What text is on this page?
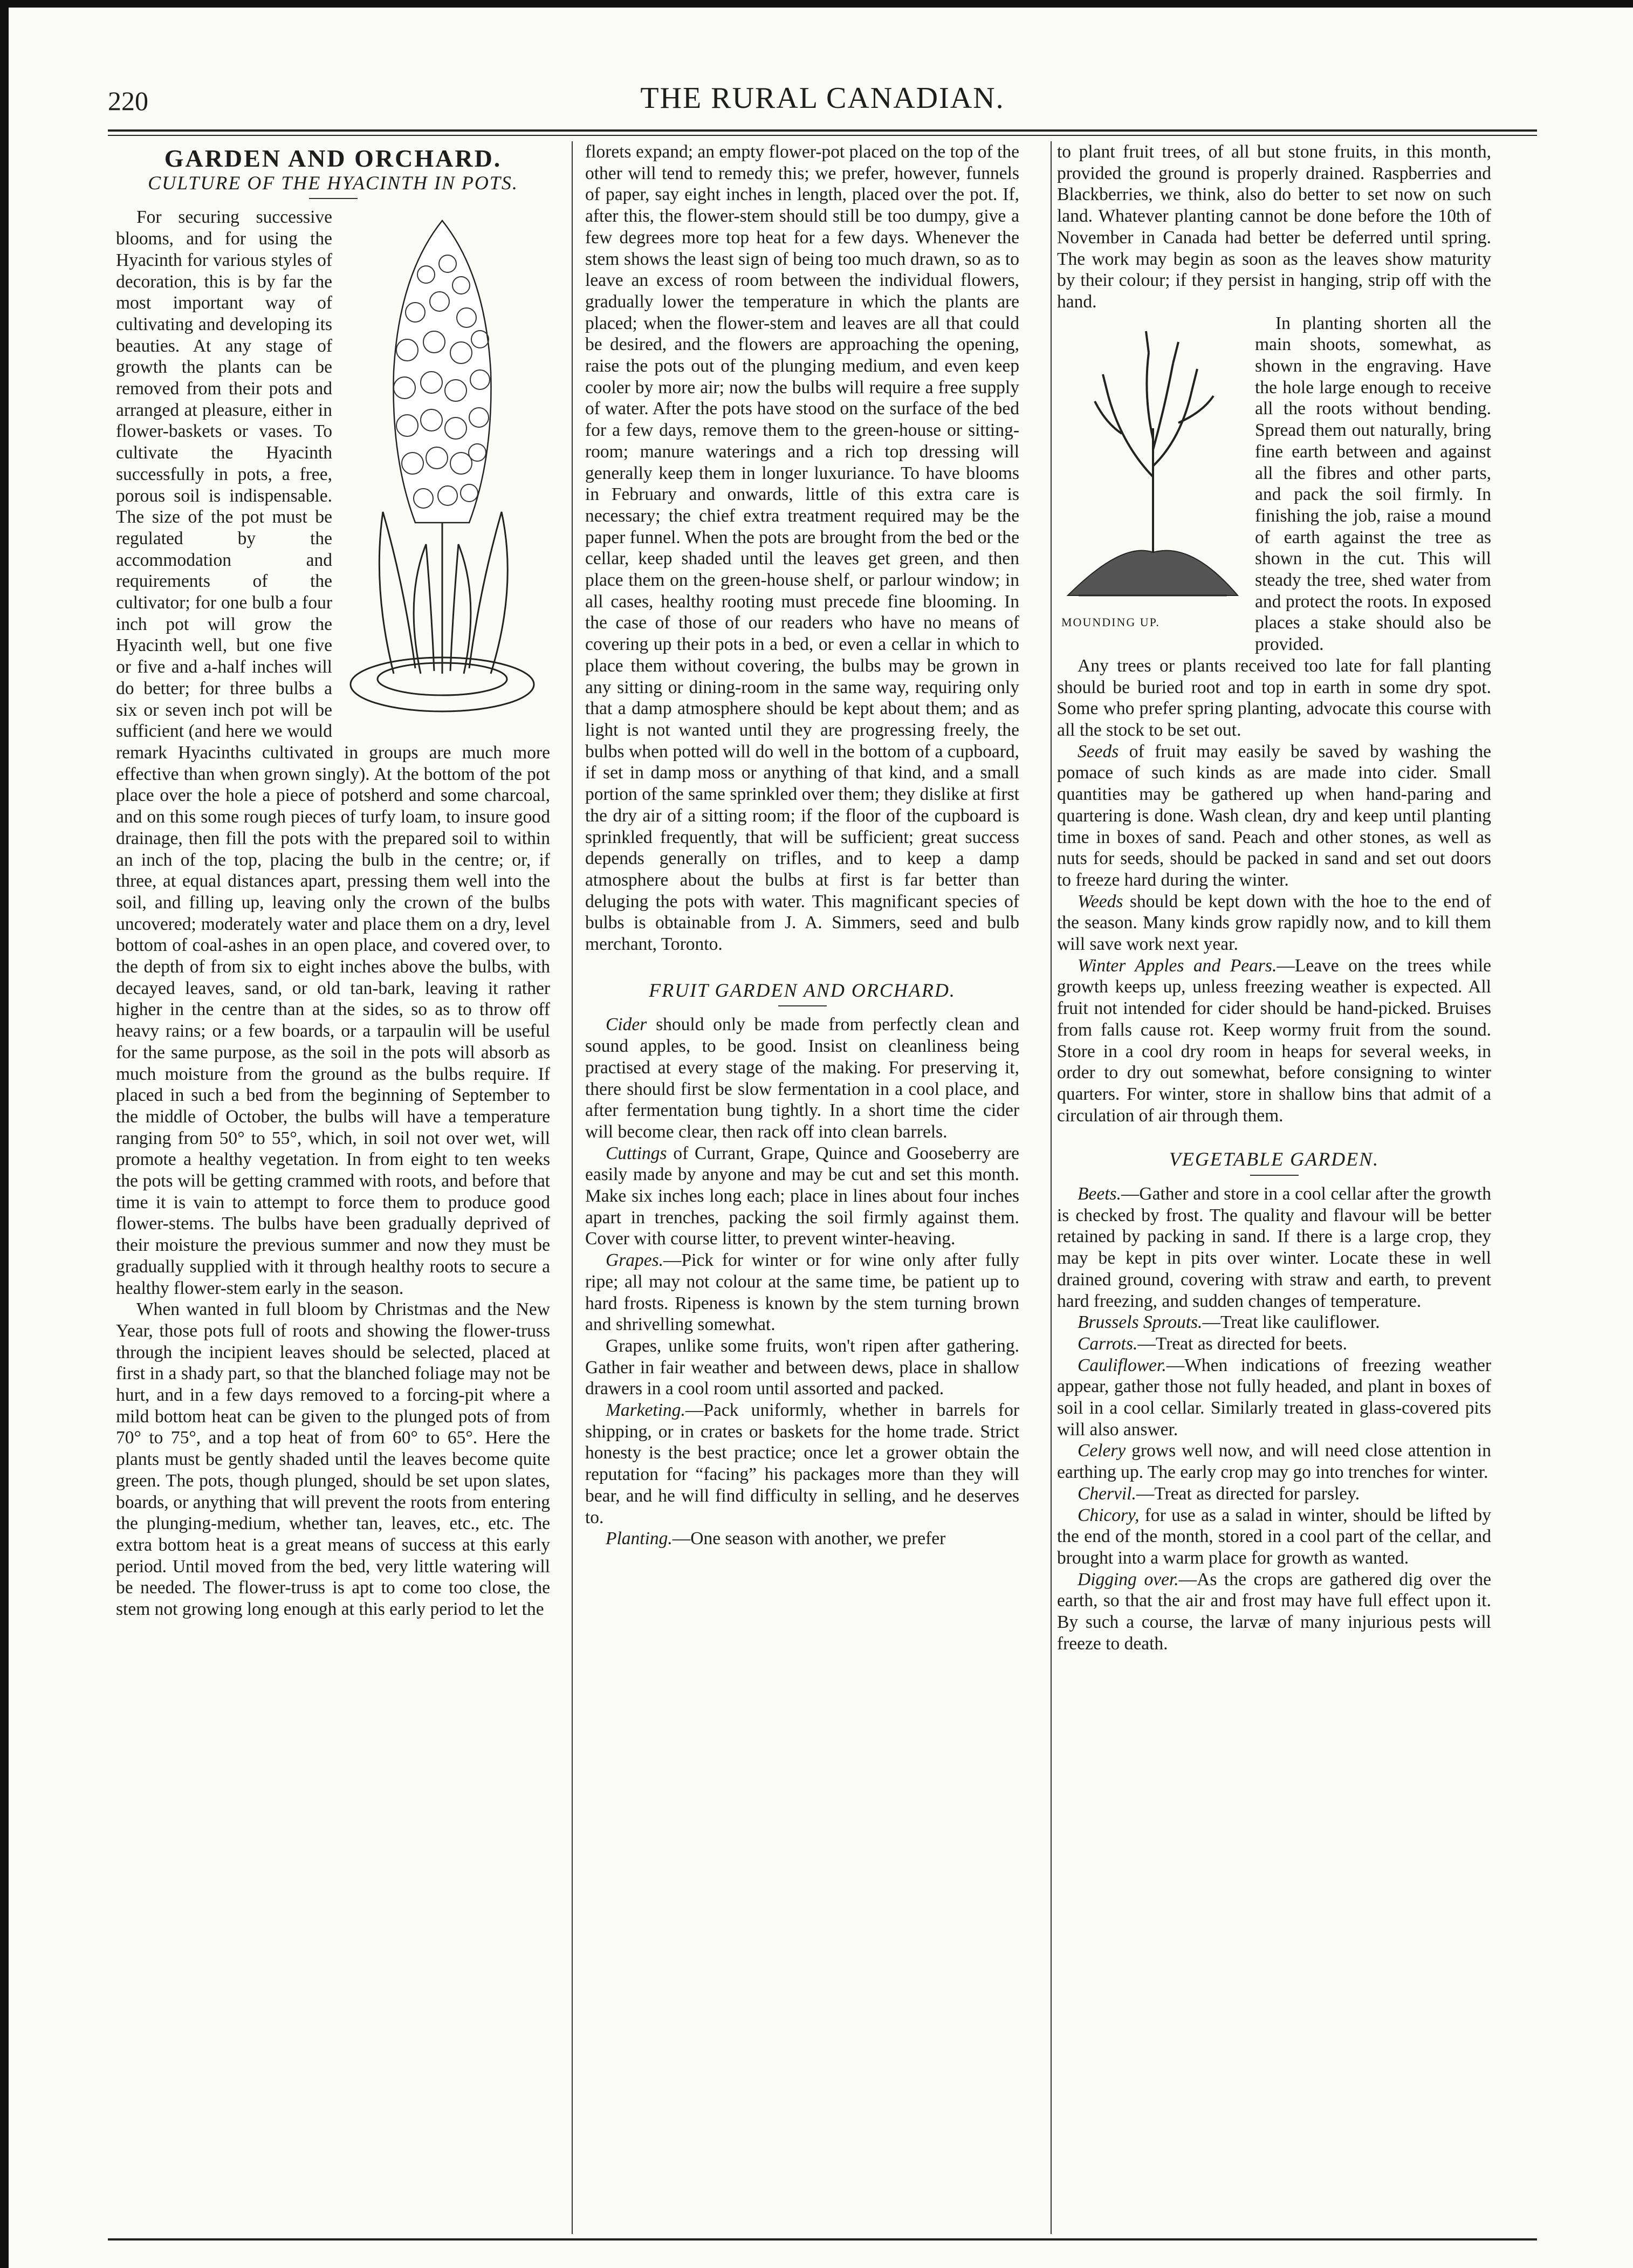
220	THE RURAL CANADIAN.
GARDEN AND ORCHARD.
CULTURE OF THE HYACINTH IN POTS.

For securing successive blooms, and for using the Hyacinth for various styles of decoration, this is by far the most important way of cultivating and developing its beauties. At any stage of growth the plants can be removed from their pots and arranged at pleasure, either in flower-baskets or vases. To cultivate the Hyacinth successfully in pots, a free, porous soil is indispensable. The size of the pot must be regulated by the accommodation and requirements of the cultivator; for one bulb a four inch pot will grow the Hyacinth well, but one five or five and a-half inches will do better; for three bulbs a six or seven inch pot will be sufficient (and here we would remark Hyacinths cultivated in groups are much more effective than when grown singly). At the bottom of the pot place over the hole a piece of potsherd and some charcoal, and on this some rough pieces of turfy loam, to insure good drainage, then fill the pots with the prepared soil to within an inch of the top, placing the bulb in the centre; or, if three, at equal distances apart, pressing them well into the soil, and filling up, leaving only the crown of the bulbs uncovered; moderately water and place them on a dry, level bottom of coal-ashes in an open place, and covered over, to the depth of from six to eight inches above the bulbs, with decayed leaves, sand, or old tan-bark, leaving it rather higher in the centre than at the sides, so as to throw off heavy rains; or a few boards, or a tarpaulin will be useful for the same purpose, as the soil in the pots will absorb as much moisture from the ground as the bulbs require. If placed in such a bed from the beginning of September to the middle of October, the bulbs will have a temperature ranging from 50° to 55°, which, in soil not over wet, will promote a healthy vegetation. In from eight to ten weeks the pots will be getting crammed with roots, and before that time it is vain to attempt to force them to produce good flower-stems. The bulbs have been gradually deprived of their moisture the previous summer and now they must be gradually supplied with it through healthy roots to secure a healthy flower-stem early in the season.

When wanted in full bloom by Christmas and the New Year, those pots full of roots and showing the flower-truss through the incipient leaves should be selected, placed at first in a shady part, so that the blanched foliage may not be hurt, and in a few days removed to a forcing-pit where a mild bottom heat can be given to the plunged pots of from 70° to 75°, and a top heat of from 60° to 65°. Here the plants must be gently shaded until the leaves become quite green. The pots, though plunged, should be set upon slates, boards, or anything that will prevent the roots from entering the plunging-medium, whether tan, leaves, etc., etc. The extra bottom heat is a great means of success at this early period. Until moved from the bed, very little watering will be needed. The flower-truss is apt to come too close, the stem not growing long enough at this early period to let the

florets expand; an empty flower-pot placed on the top of the other will tend to remedy this; we prefer, however, funnels of paper, say eight inches in length, placed over the pot. If, after this, the flower-stem should still be too dumpy, give a few degrees more top heat for a few days. Whenever the stem shows the least sign of being too much drawn, so as to leave an excess of room between the individual flowers, gradually lower the temperature in which the plants are placed; when the flower-stem and leaves are all that could be desired, and the flowers are approaching the opening, raise the pots out of the plunging medium, and even keep cooler by more air; now the bulbs will require a free supply of water. After the pots have stood on the surface of the bed for a few days, remove them to the green-house or sitting-room; manure waterings and a rich top dressing will generally keep them in longer luxuriance. To have blooms in February and onwards, little of this extra care is necessary; the chief extra treatment required may be the paper funnel. When the pots are brought from the bed or the cellar, keep shaded until the leaves get green, and then place them on the green-house shelf, or parlour window; in all cases, healthy rooting must precede fine blooming. In the case of those of our readers who have no means of covering up their pots in a bed, or even a cellar in which to place them without covering, the bulbs may be grown in any sitting or dining-room in the same way, requiring only that a damp atmosphere should be kept about them; and as light is not wanted until they are progressing freely, the bulbs when potted will do well in the bottom of a cupboard, if set in damp moss or anything of that kind, and a small portion of the same sprinkled over them; they dislike at first the dry air of a sitting room; if the floor of the cupboard is sprinkled frequently, that will be sufficient; great success depends generally on trifles, and to keep a damp atmosphere about the bulbs at first is far better than deluging the pots with water. This magnificant species of bulbs is obtainable from J. A. Simmers, seed and bulb merchant, Toronto.

FRUIT GARDEN AND ORCHARD.

Cider should only be made from perfectly clean and sound apples, to be good. Insist on cleanliness being practised at every stage of the making. For preserving it, there should first be slow fermentation in a cool place, and after fermentation bung tightly. In a short time the cider will become clear, then rack off into clean barrels.

Cuttings of Currant, Grape, Quince and Gooseberry are easily made by anyone and may be cut and set this month. Make six inches long each; place in lines about four inches apart in trenches, packing the soil firmly against them. Cover with course litter, to prevent winter-heaving.

Grapes.—Pick for winter or for wine only after fully ripe; all may not colour at the same time, be patient up to hard frosts. Ripeness is known by the stem turning brown and shrivelling somewhat.

Grapes, unlike some fruits, won't ripen after gathering. Gather in fair weather and between dews, place in shallow drawers in a cool room until assorted and packed.

Marketing.—Pack uniformly, whether in barrels for shipping, or in crates or baskets for the home trade. Strict honesty is the best practice; once let a grower obtain the reputation for “facing” his packages more than they will bear, and he will find difficulty in selling, and he deserves to.

Planting.—One season with another, we prefer

to plant fruit trees, of all but stone fruits, in this month, provided the ground is properly drained. Raspberries and Blackberries, we think, also do better to set now on such land. Whatever planting cannot be done before the 10th of November in Canada had better be deferred until spring. The work may begin as soon as the leaves show maturity by their colour; if they persist in hanging, strip off with the hand.

MOUNDING UP.

In planting shorten all the main shoots, somewhat, as shown in the engraving. Have the hole large enough to receive all the roots without bending. Spread them out naturally, bring fine earth between and against all the fibres and other parts, and pack the soil firmly. In finishing the job, raise a mound of earth against the tree as shown in the cut. This will steady the tree, shed water from and protect the roots. In exposed places a stake should also be provided.

Any trees or plants received too late for fall planting should be buried root and top in earth in some dry spot. Some who prefer spring planting, advocate this course with all the stock to be set out.

Seeds of fruit may easily be saved by washing the pomace of such kinds as are made into cider. Small quantities may be gathered up when hand-paring and quartering is done. Wash clean, dry and keep until planting time in boxes of sand. Peach and other stones, as well as nuts for seeds, should be packed in sand and set out doors to freeze hard during the winter.

Weeds should be kept down with the hoe to the end of the season. Many kinds grow rapidly now, and to kill them will save work next year.

Winter Apples and Pears.—Leave on the trees while growth keeps up, unless freezing weather is expected. All fruit not intended for cider should be hand-picked. Bruises from falls cause rot. Keep wormy fruit from the sound. Store in a cool dry room in heaps for several weeks, in order to dry out somewhat, before consigning to winter quarters. For winter, store in shallow bins that admit of a circulation of air through them.

VEGETABLE GARDEN.

Beets.—Gather and store in a cool cellar after the growth is checked by frost. The quality and flavour will be better retained by packing in sand. If there is a large crop, they may be kept in pits over winter. Locate these in well drained ground, covering with straw and earth, to prevent hard freezing, and sudden changes of temperature.

Brussels Sprouts.—Treat like cauliflower.

Carrots.—Treat as directed for beets.

Cauliflower.—When indications of freezing weather appear, gather those not fully headed, and plant in boxes of soil in a cool cellar. Similarly treated in glass-covered pits will also answer.

Celery grows well now, and will need close attention in earthing up. The early crop may go into trenches for winter.

Chervil.—Treat as directed for parsley.

Chicory, for use as a salad in winter, should be lifted by the end of the month, stored in a cool part of the cellar, and brought into a warm place for growth as wanted.

Digging over.—As the crops are gathered dig over the earth, so that the air and frost may have full effect upon it. By such a course, the larvæ of many injurious pests will freeze to death.
